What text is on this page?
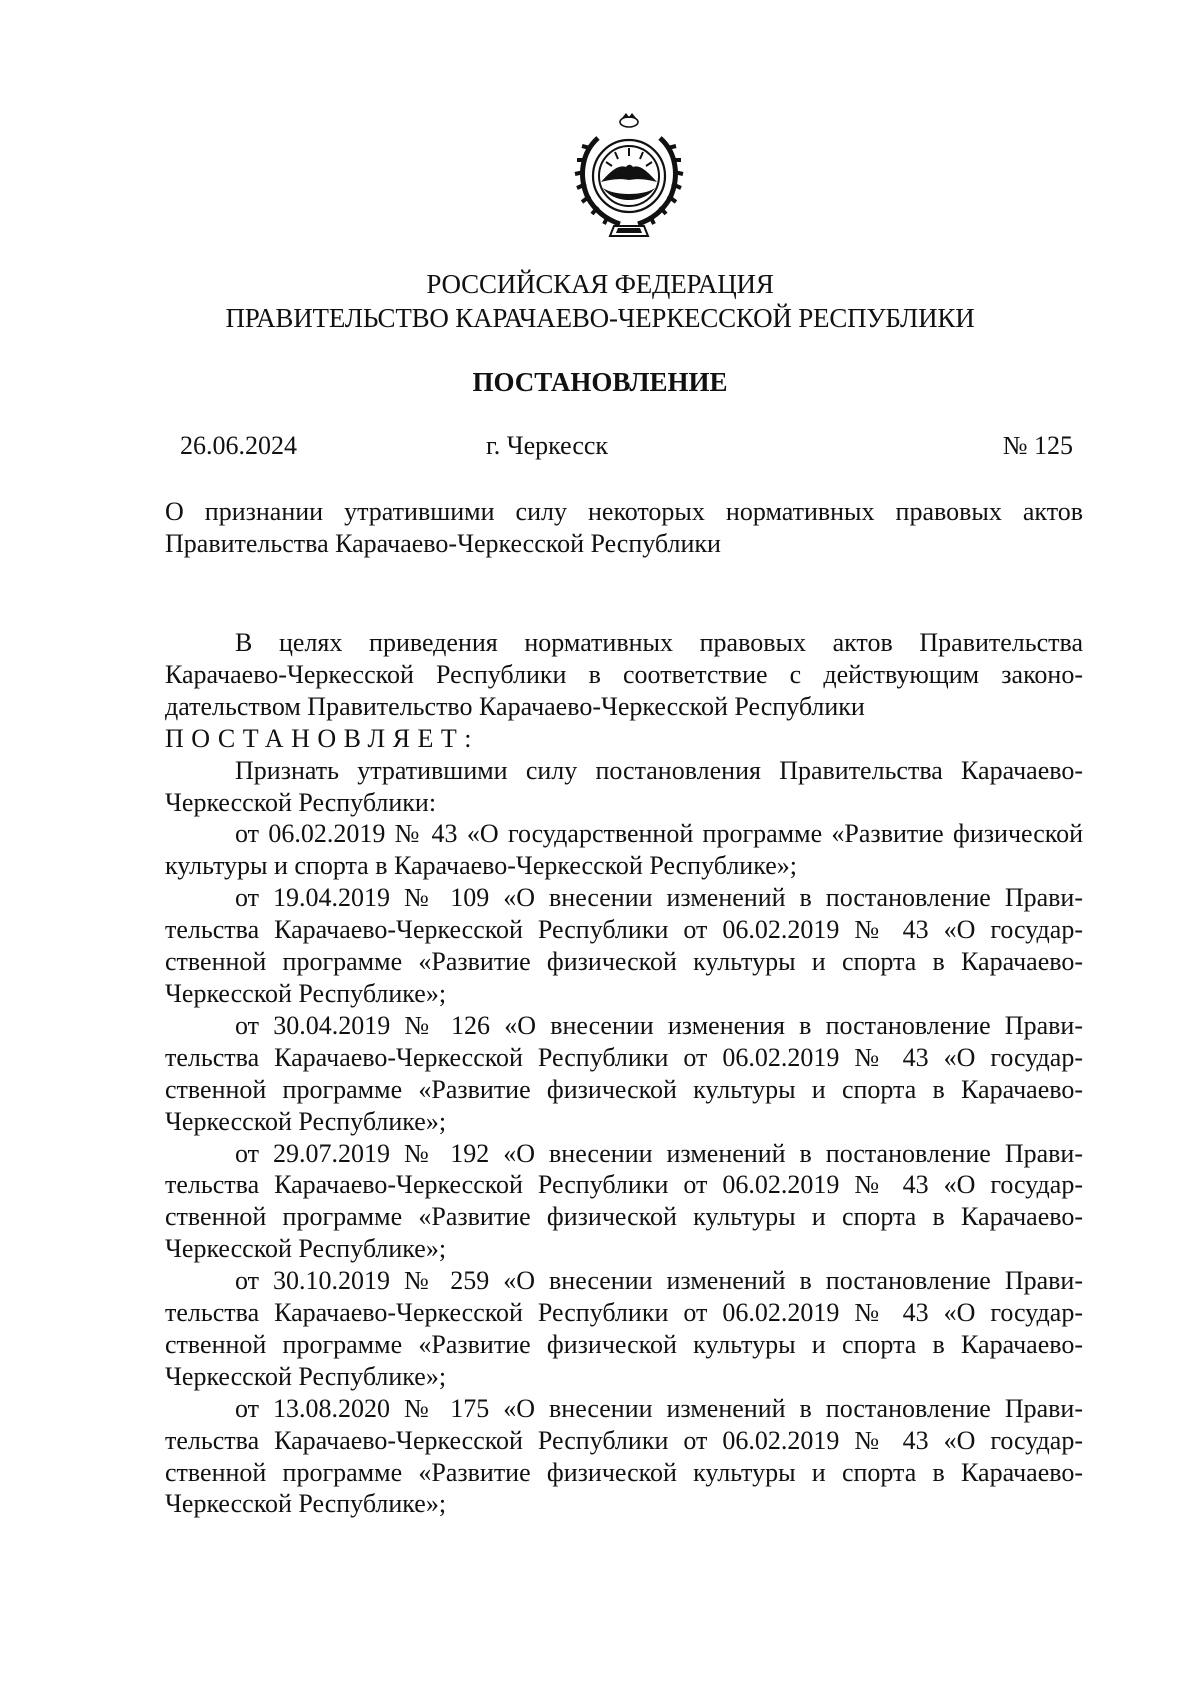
РОССИЙСКАЯ ФЕДЕРАЦИЯ
ПРАВИТЕЛЬСТВО КАРАЧАЕВО-ЧЕРКЕССКОЙ РЕСПУБЛИКИ
ПОСТАНОВЛЕНИЕ
26.06.2024	г. Черкесск	№ 125
О признании утратившими силу некоторых нормативных правовых актов Правительства Карачаево-Черкесской Республики

В целях приведения нормативных правовых актов Правительства Карачаево-Черкесской Республики в соответствие с действующим законодательством Правительство Карачаево-Черкесской Республики

ПОСТАНОВЛЯЕТ:

Признать утратившими силу постановления Правительства Карачаево-Черкесской Республики:

от 06.02.2019 № 43 «О государственной программе «Развитие физической культуры и спорта в Карачаево-Черкесской Республике»;

от 19.04.2019 № 109 «О внесении изменений в постановление Правительства Карачаево-Черкесской Республики от 06.02.2019 № 43 «О государственной программе «Развитие физической культуры и спорта в Карачаево-Черкесской Республике»;

от 30.04.2019 № 126 «О внесении изменения в постановление Правительства Карачаево-Черкесской Республики от 06.02.2019 № 43 «О государственной программе «Развитие физической культуры и спорта в Карачаево-Черкесской Республике»;

от 29.07.2019 № 192 «О внесении изменений в постановление Правительства Карачаево-Черкесской Республики от 06.02.2019 № 43 «О государственной программе «Развитие физической культуры и спорта в Карачаево-Черкесской Республике»;

от 30.10.2019 № 259 «О внесении изменений в постановление Правительства Карачаево-Черкесской Республики от 06.02.2019 № 43 «О государственной программе «Развитие физической культуры и спорта в Карачаево-Черкесской Республике»;

от 13.08.2020 № 175 «О внесении изменений в постановление Правительства Карачаево-Черкесской Республики от 06.02.2019 № 43 «О государственной программе «Развитие физической культуры и спорта в Карачаево-Черкесской Республике»;
